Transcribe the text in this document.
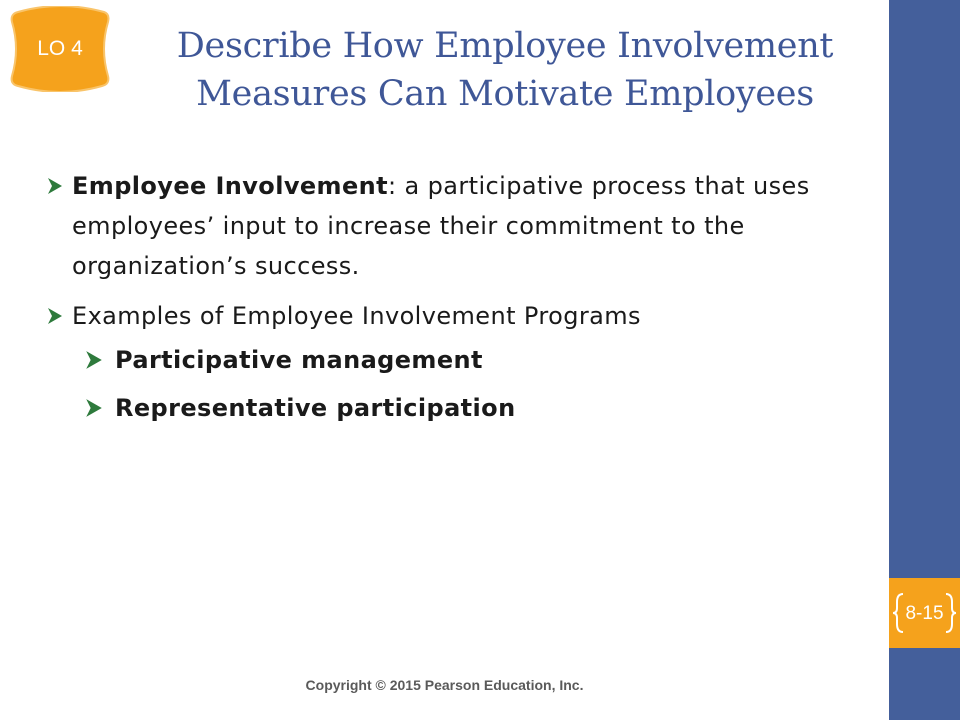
8-15
LO 4	Describe How Employee Involvement
Measures Can Motivate Employees
Employee Involvement: a participative process that uses employees’ input to increase their commitment to the organization’s success.
Examples of Employee Involvement Programs
Participative management
Representative participation
Copyright © 2015 Pearson Education, Inc.
